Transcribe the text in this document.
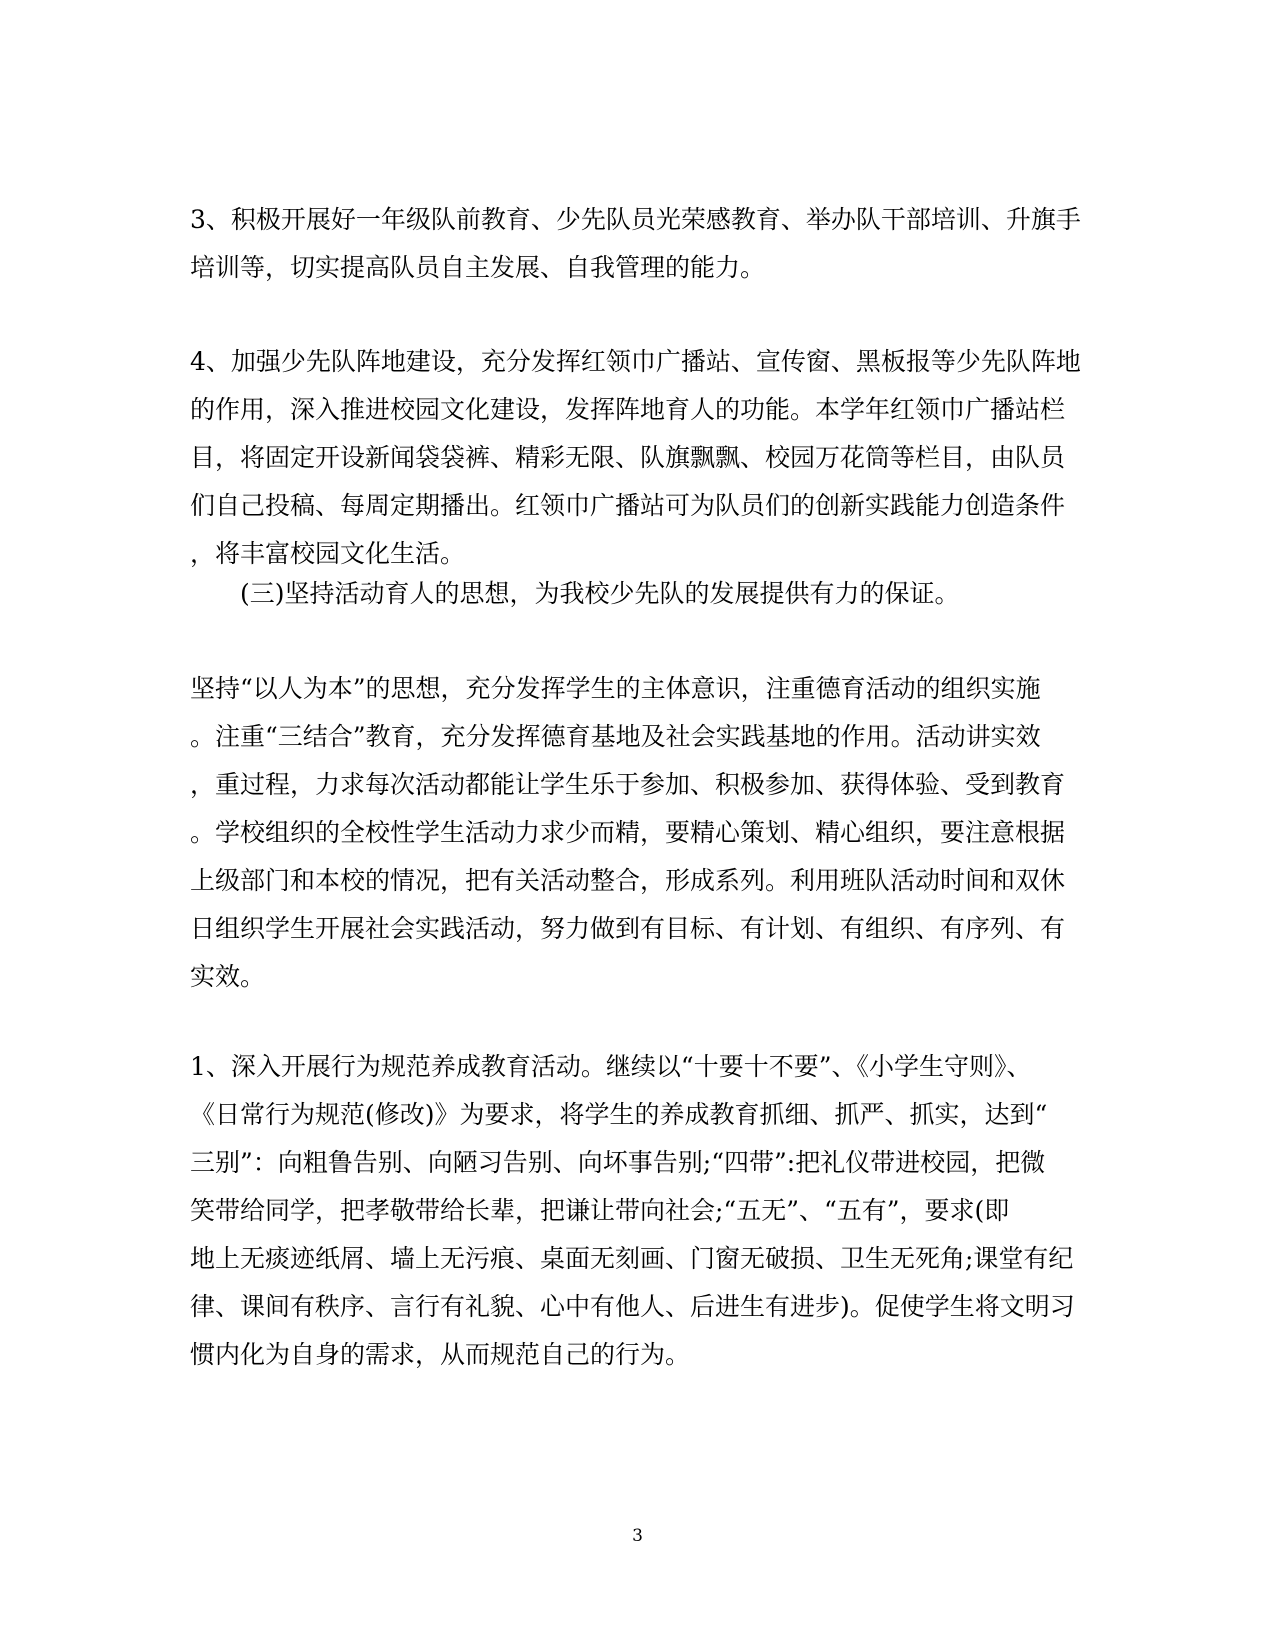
3、积极开展好一年级队前教育、少先队员光荣感教育、举办队干部培训、升旗手
培训等，切实提高队员自主发展、自我管理的能力。
4、加强少先队阵地建设，充分发挥红领巾广播站、宣传窗、黑板报等少先队阵地
的作用，深入推进校园文化建设，发挥阵地育人的功能。本学年红领巾广播站栏
目，将固定开设新闻袋袋裤、精彩无限、队旗飘飘、校园万花筒等栏目，由队员
们自己投稿、每周定期播出。红领巾广播站可为队员们的创新实践能力创造条件
，将丰富校园文化生活。
(三)坚持活动育人的思想，为我校少先队的发展提供有力的保证。
坚持“以人为本”的思想，充分发挥学生的主体意识，注重德育活动的组织实施
。注重“三结合”教育，充分发挥德育基地及社会实践基地的作用。活动讲实效
，重过程，力求每次活动都能让学生乐于参加、积极参加、获得体验、受到教育
。学校组织的全校性学生活动力求少而精，要精心策划、精心组织，要注意根据
上级部门和本校的情况，把有关活动整合，形成系列。利用班队活动时间和双休
日组织学生开展社会实践活动，努力做到有目标、有计划、有组织、有序列、有
实效。
1、深入开展行为规范养成教育活动。继续以“十要十不要”、《小学生守则》、
《日常行为规范(修改)》为要求，将学生的养成教育抓细、抓严、抓实，达到“
三别”：向粗鲁告别、向陋习告别、向坏事告别;“四带”:把礼仪带进校园，把微
笑带给同学，把孝敬带给长辈，把谦让带向社会;“五无”、“五有”，要求(即
地上无痰迹纸屑、墙上无污痕、桌面无刻画、门窗无破损、卫生无死角;课堂有纪
律、课间有秩序、言行有礼貌、心中有他人、后进生有进步)。促使学生将文明习
惯内化为自身的需求，从而规范自己的行为。
3
